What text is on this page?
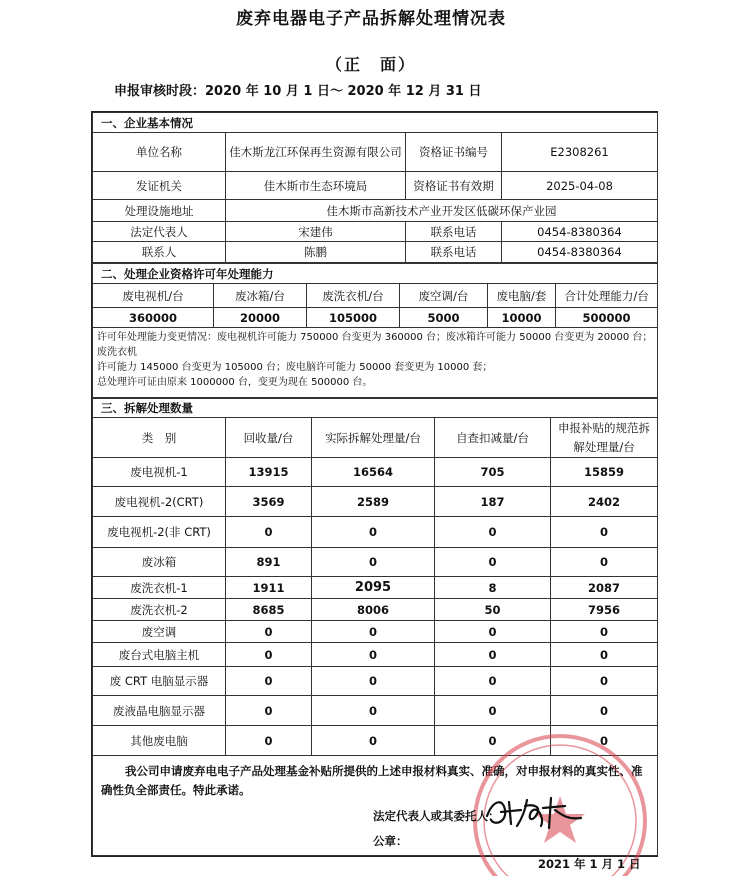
废弃电器电子产品拆解处理情况表
（正　面）
申报审核时段：2020 年 10 月 1 日～ 2020 年 12 月 31 日
一、企业基本情况			
单位名称	佳木斯龙江环保再生资源有限公司	资格证书编号	E2308261
发证机关	佳木斯市生态环境局	资格证书有效期	2025-04-08
处理设施地址	佳木斯市高新技术产业开发区低碳环保产业园		
法定代表人	宋建伟	联系电话	0454-8380364
联系人	陈鹏	联系电话	0454-8380364
二、处理企业资格许可年处理能力					
废电视机/台	废冰箱/台	废洗衣机/台	废空调/台	废电脑/套	合计处理能力/台
360000	20000	105000	5000	10000	500000

许可年处理能力变更情况：废电视机许可能力 750000 台变更为 360000 台；废冰箱许可能力 50000 台变更为 20000 台；废洗衣机
许可能力 145000 台变更为 105000 台；废电脑许可能力 50000 套变更为 10000 套；
总处理许可证由原来 1000000 台，变更为现在 500000 台。					
三、拆解处理数量				
类　别	回收量/台	实际拆解处理量/台	自查扣减量/台	申报补贴的规范拆解处理量/台
废电视机-1	13915	16564	705	15859
废电视机-2(CRT)	3569	2589	187	2402
废电视机-2(非 CRT)	0	0	0	0
废冰箱	891	0	0	0
废洗衣机-1	1911	2095	8	2087
废洗衣机-2	8685	8006	50	7956
废空调	0	0	0	0
废台式电脑主机	0	0	0	0
废 CRT 电脑显示器	0	0	0	0
废液晶电脑显示器	0	0	0	0
其他废电脑	0	0	0	0

我公司申请废弃电电子产品处理基金补贴所提供的上述申报材料真实、准确，对申报材料的真实性、准确性负全部责任。特此承诺。
法定代表人或其委托人：
公章：
2021 年 1 月 1 日				
